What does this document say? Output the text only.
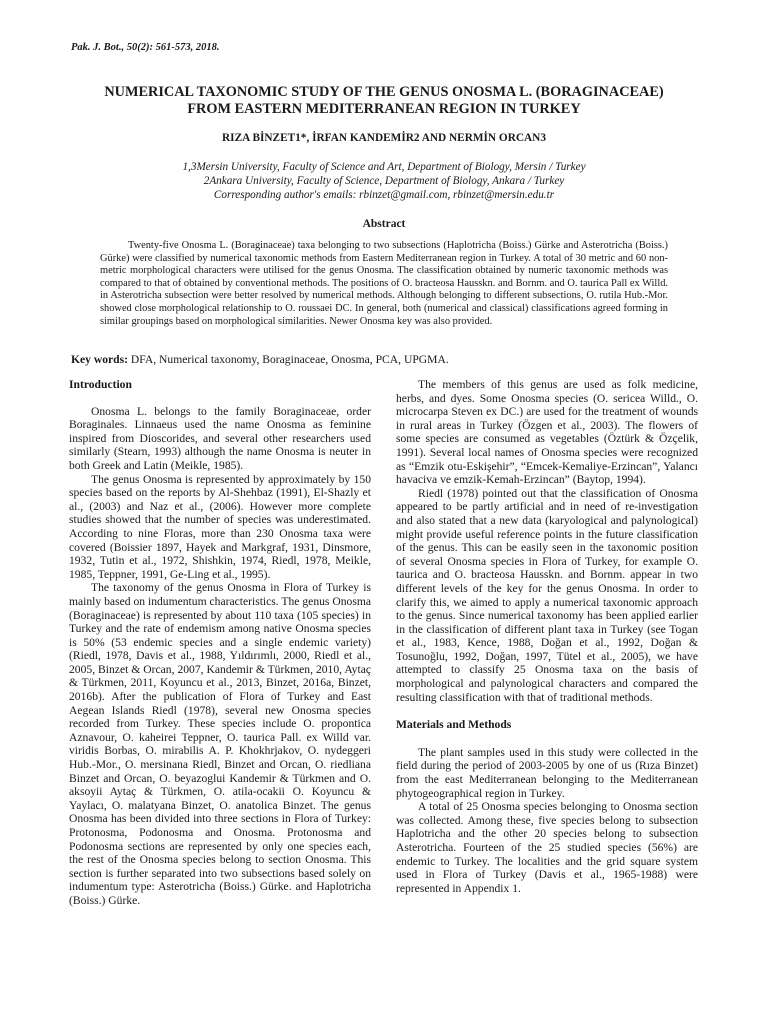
Pak. J. Bot., 50(2): 561-573, 2018.
NUMERICAL TAXONOMIC STUDY OF THE GENUS ONOSMA L. (BORAGINACEAE)
FROM EASTERN MEDITERRANEAN REGION IN TURKEY
RIZA BİNZET1*, İRFAN KANDEMİR2 AND NERMİN ORCAN3
1,3Mersin University, Faculty of Science and Art, Department of Biology, Mersin / Turkey
2Ankara University, Faculty of Science, Department of Biology, Ankara / Turkey
Corresponding author's emails: rbinzet@gmail.com, rbinzet@mersin.edu.tr
Abstract

Twenty-five Onosma L. (Boraginaceae) taxa belonging to two subsections (Haplotricha (Boiss.) Gürke and Asterotricha (Boiss.) Gürke) were classified by numerical taxonomic methods from Eastern Mediterranean region in Turkey. A total of 30 metric and 60 non-metric morphological characters were utilised for the genus Onosma. The classification obtained by numeric taxonomic methods was compared to that of obtained by conventional methods. The positions of O. bracteosa Hausskn. and Bornm. and O. taurica Pall ex Willd. in Asterotricha subsection were better resolved by numerical methods. Although belonging to different subsections, O. rutila Hub.-Mor. showed close morphological relationship to O. roussaei DC. In general, both (numerical and classical) classifications agreed forming in similar groupings based on morphological similarities. Newer Onosma key was also provided.

Key words: DFA, Numerical taxonomy, Boraginaceae, Onosma, PCA, UPGMA.

Introduction

Onosma L. belongs to the family Boraginaceae, order Boraginales. Linnaeus used the name Onosma as feminine inspired from Dioscorides, and several other researchers used similarly (Stearn, 1993) although the name Onosma is neuter in both Greek and Latin (Meikle, 1985).

The genus Onosma is represented by approximately by 150 species based on the reports by Al-Shehbaz (1991), El-Shazly et al., (2003) and Naz et al., (2006). However more complete studies showed that the number of species was underestimated. According to nine Floras, more than 230 Onosma taxa were covered (Boissier 1897, Hayek and Markgraf, 1931, Dinsmore, 1932, Tutin et al., 1972, Shishkin, 1974, Riedl, 1978, Meikle, 1985, Teppner, 1991, Ge-Ling et al., 1995).

The taxonomy of the genus Onosma in Flora of Turkey is mainly based on indumentum characteristics. The genus Onosma (Boraginaceae) is represented by about 110 taxa (105 species) in Turkey and the rate of endemism among native Onosma species is 50% (53 endemic species and a single endemic variety) (Riedl, 1978, Davis et al., 1988, Yıldırımlı, 2000, Riedl et al., 2005, Binzet & Orcan, 2007, Kandemir & Türkmen, 2010, Aytaç & Türkmen, 2011, Koyuncu et al., 2013, Binzet, 2016a, Binzet, 2016b). After the publication of Flora of Turkey and East Aegean Islands Riedl (1978), several new Onosma species recorded from Turkey. These species include O. propontica Aznavour, O. kaheirei Teppner, O. taurica Pall. ex Willd var. viridis Borbas, O. mirabilis A. P. Khokhrjakov, O. nydeggeri Hub.-Mor., O. mersinana Riedl, Binzet and Orcan, O. riedliana Binzet and Orcan, O. beyazoglui Kandemir & Türkmen and O. aksoyii Aytaç & Türkmen, O. atila-ocakii O. Koyuncu & Yaylacı, O. malatyana Binzet, O. anatolica Binzet. The genus Onosma has been divided into three sections in Flora of Turkey: Protonosma, Podonosma and Onosma. Protonosma and Podonosma sections are represented by only one species each, the rest of the Onosma species belong to section Onosma. This section is further separated into two subsections based solely on indumentum type: Asterotricha (Boiss.) Gürke. and Haplotricha (Boiss.) Gürke.

The members of this genus are used as folk medicine, herbs, and dyes. Some Onosma species (O. sericea Willd., O. microcarpa Steven ex DC.) are used for the treatment of wounds in rural areas in Turkey (Özgen et al., 2003). The flowers of some species are consumed as vegetables (Öztürk & Özçelik, 1991). Several local names of Onosma species were recognized as “Emzik otu-Eskişehir”, “Emcek-Kemaliye-Erzincan”, Yalancı havaciva ve emzik-Kemah-Erzincan” (Baytop, 1994).

Riedl (1978) pointed out that the classification of Onosma appeared to be partly artificial and in need of re-investigation and also stated that a new data (karyological and palynological) might provide useful reference points in the future classification of the genus. This can be easily seen in the taxonomic position of several Onosma species in Flora of Turkey, for example O. taurica and O. bracteosa Hausskn. and Bornm. appear in two different levels of the key for the genus Onosma. In order to clarify this, we aimed to apply a numerical taxonomic approach to the genus. Since numerical taxonomy has been applied earlier in the classification of different plant taxa in Turkey (see Togan et al., 1983, Kence, 1988, Doğan et al., 1992, Doğan & Tosunoğlu, 1992, Doğan, 1997, Tütel et al., 2005), we have attempted to classify 25 Onosma taxa on the basis of morphological and palynological characters and compared the resulting classification with that of traditional methods.

Materials and Methods

The plant samples used in this study were collected in the field during the period of 2003-2005 by one of us (Rıza Binzet) from the east Mediterranean belonging to the Mediterranean phytogeographical region in Turkey.

A total of 25 Onosma species belonging to Onosma section was collected. Among these, five species belong to subsection Haplotricha and the other 20 species belong to subsection Asterotricha. Fourteen of the 25 studied species (56%) are endemic to Turkey. The localities and the grid square system used in Flora of Turkey (Davis et al., 1965-1988) were represented in Appendix 1.
